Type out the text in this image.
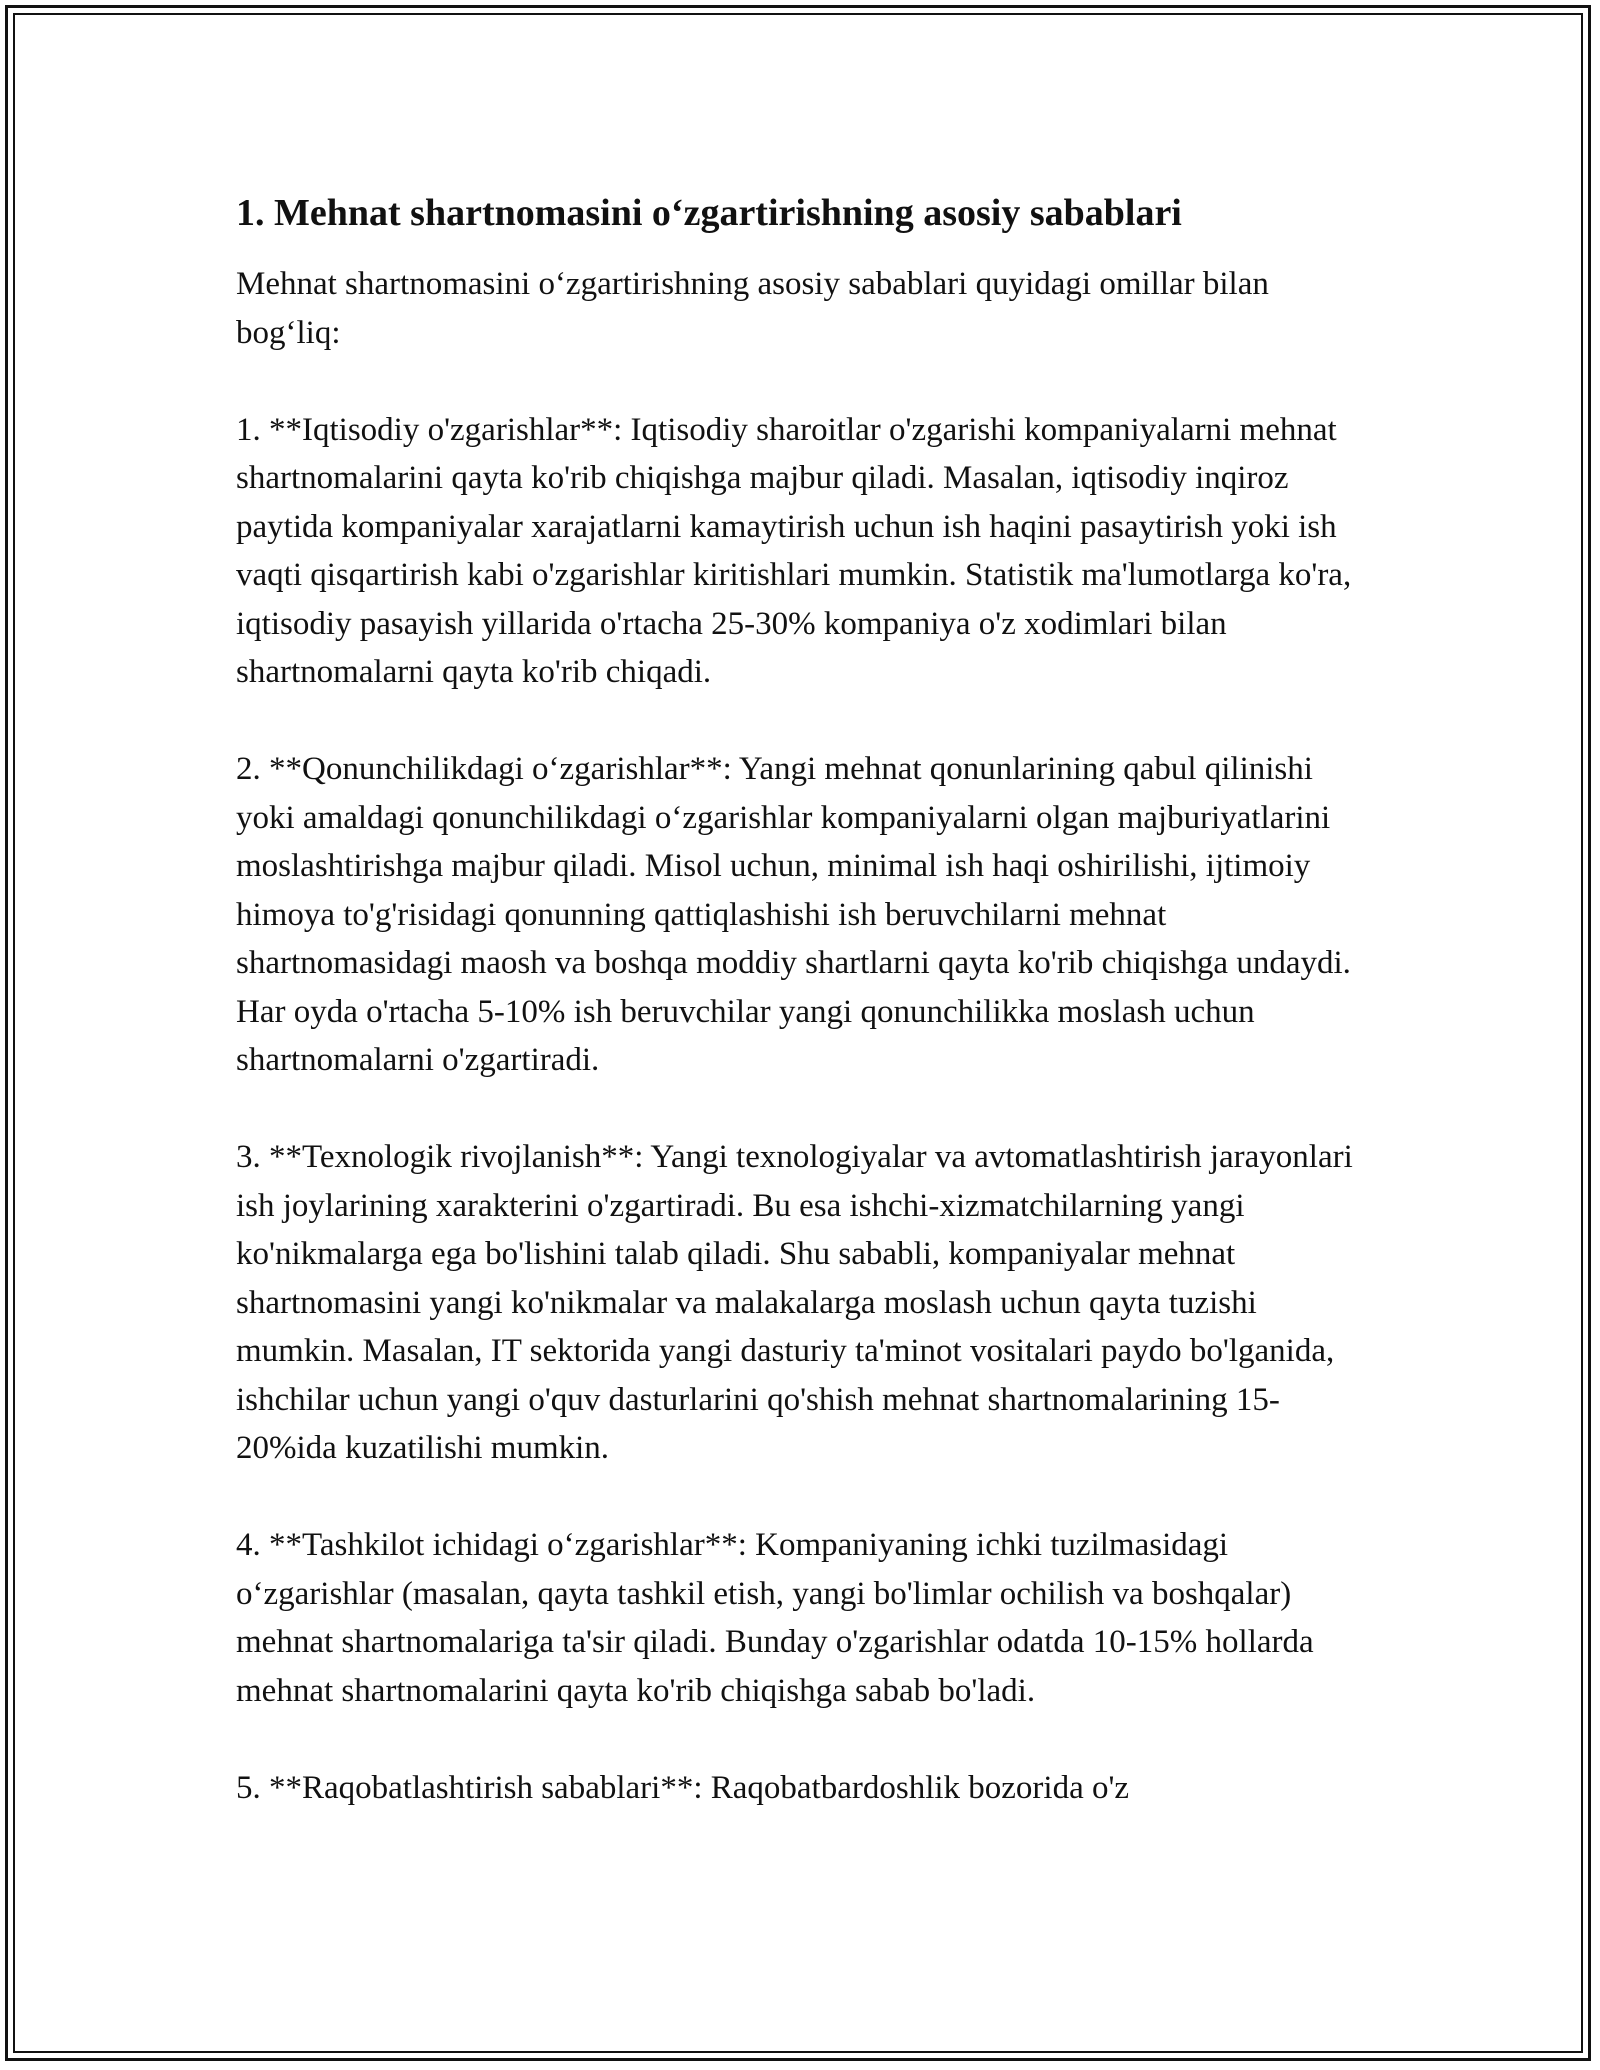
1. Mehnat shartnomasini o‘zgartirishning asosiy sabablari

Mehnat shartnomasini o‘zgartirishning asosiy sabablari quyidagi omillar bilan bog‘liq:

1. **Iqtisodiy o'zgarishlar**: Iqtisodiy sharoitlar o'zgarishi kompaniyalarni mehnat shartnomalarini qayta ko'rib chiqishga majbur qiladi. Masalan, iqtisodiy inqiroz paytida kompaniyalar xarajatlarni kamaytirish uchun ish haqini pasaytirish yoki ish vaqti qisqartirish kabi o'zgarishlar kiritishlari mumkin. Statistik ma'lumotlarga ko'ra, iqtisodiy pasayish yillarida o'rtacha 25-30% kompaniya o'z xodimlari bilan shartnomalarni qayta ko'rib chiqadi.

2. **Qonunchilikdagi o‘zgarishlar**: Yangi mehnat qonunlarining qabul qilinishi yoki amaldagi qonunchilikdagi o‘zgarishlar kompaniyalarni olgan majburiyatlarini moslashtirishga majbur qiladi. Misol uchun, minimal ish haqi oshirilishi, ijtimoiy himoya to'g'risidagi qonunning qattiqlashishi ish beruvchilarni mehnat shartnomasidagi maosh va boshqa moddiy shartlarni qayta ko'rib chiqishga undaydi. Har oyda o'rtacha 5-10% ish beruvchilar yangi qonunchilikka moslash uchun shartnomalarni o'zgartiradi.

3. **Texnologik rivojlanish**: Yangi texnologiyalar va avtomatlashtirish jarayonlari ish joylarining xarakterini o'zgartiradi. Bu esa ishchi-xizmatchilarning yangi ko'nikmalarga ega bo'lishini talab qiladi. Shu sababli, kompaniyalar mehnat shartnomasini yangi ko'nikmalar va malakalarga moslash uchun qayta tuzishi mumkin. Masalan, IT sektorida yangi dasturiy ta'minot vositalari paydo bo'lganida, ishchilar uchun yangi o'quv dasturlarini qo'shish mehnat shartnomalarining 15-20%ida kuzatilishi mumkin.

4. **Tashkilot ichidagi o‘zgarishlar**: Kompaniyaning ichki tuzilmasidagi o‘zgarishlar (masalan, qayta tashkil etish, yangi bo'limlar ochilish va boshqalar) mehnat shartnomalariga ta'sir qiladi. Bunday o'zgarishlar odatda 10-15% hollarda mehnat shartnomalarini qayta ko'rib chiqishga sabab bo'ladi.

5. **Raqobatlashtirish sabablari**: Raqobatbardoshlik bozorida o'z
